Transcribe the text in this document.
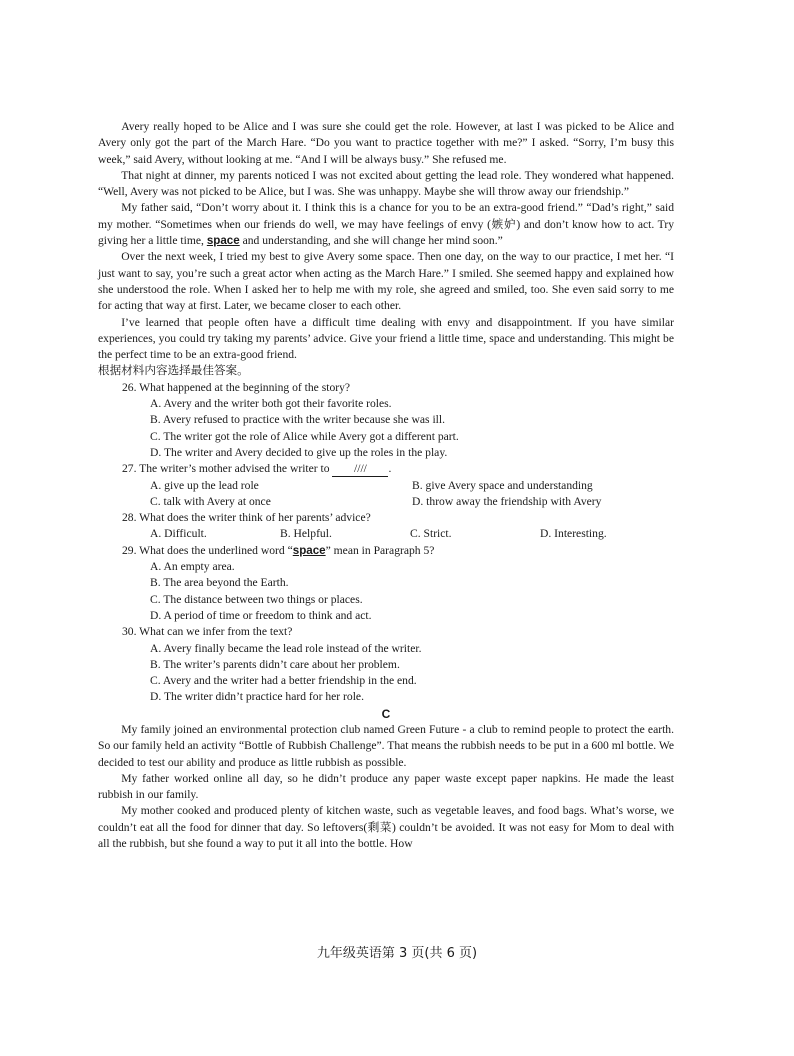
Avery really hoped to be Alice and I was sure she could get the role. However, at last I was picked to be Alice and Avery only got the part of the March Hare. “Do you want to practice together with me?” I asked. “Sorry, I’m busy this week,” said Avery, without looking at me. “And I will be always busy.” She refused me.

That night at dinner, my parents noticed I was not excited about getting the lead role. They wondered what happened. “Well, Avery was not picked to be Alice, but I was. She was unhappy. Maybe she will throw away our friendship.”

My father said, “Don’t worry about it. I think this is a chance for you to be an extra-good friend.” “Dad’s right,” said my mother. “Sometimes when our friends do well, we may have feelings of envy (嫉妒) and don’t know how to act. Try giving her a little time, space and understanding, and she will change her mind soon.”

Over the next week, I tried my best to give Avery some space. Then one day, on the way to our practice, I met her. “I just want to say, you’re such a great actor when acting as the March Hare.” I smiled. She seemed happy and explained how she understood the role. When I asked her to help me with my role, she agreed and smiled, too. She even said sorry to me for acting that way at first. Later, we became closer to each other.

I’ve learned that people often have a difficult time dealing with envy and disappointment. If you have similar experiences, you could try taking my parents’ advice. Give your friend a little time, space and understanding. This might be the perfect time to be an extra-good friend.

根据材料内容选择最佳答案。

26. What happened at the beginning of the story?

A. Avery and the writer both got their favorite roles.

B. Avery refused to practice with the writer because she was ill.

C. The writer got the role of Alice while Avery got a different part.

D. The writer and Avery decided to give up the roles in the play.

27. The writer’s mother advised the writer to //// .

A. give up the lead role	B. give Avery space and understanding

C. talk with Avery at once	D. throw away the friendship with Avery

28. What does the writer think of her parents’ advice?

A. Difficult.	B. Helpful.	C. Strict.	D. Interesting.

29. What does the underlined word “space” mean in Paragraph 5?

A. An empty area.

B. The area beyond the Earth.

C. The distance between two things or places.

D. A period of time or freedom to think and act.

30. What can we infer from the text?

A. Avery finally became the lead role instead of the writer.

B. The writer’s parents didn’t care about her problem.

C. Avery and the writer had a better friendship in the end.

D. The writer didn’t practice hard for her role.

C

My family joined an environmental protection club named Green Future - a club to remind people to protect the earth. So our family held an activity “Bottle of Rubbish Challenge”. That means the rubbish needs to be put in a 600 ml bottle. We decided to test our ability and produce as little rubbish as possible.

My father worked online all day, so he didn’t produce any paper waste except paper napkins. He made the least rubbish in our family.

My mother cooked and produced plenty of kitchen waste, such as vegetable leaves, and food bags. What’s worse, we couldn’t eat all the food for dinner that day. So leftovers(剩菜) couldn’t be avoided. It was not easy for Mom to deal with all the rubbish, but she found a way to put it all into the bottle. How

九年级英语第 3 页(共 6 页)
